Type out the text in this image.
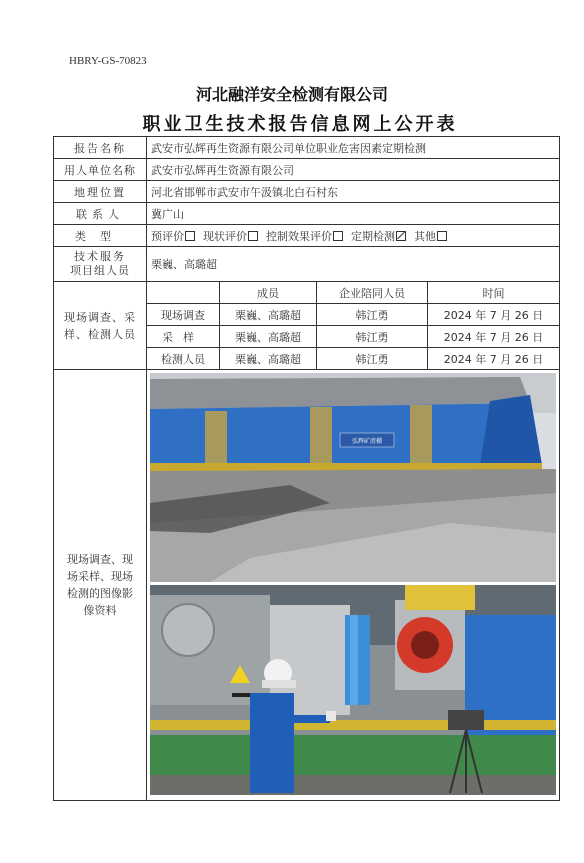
HBRY-GS-70823
河北融洋安全检测有限公司
职业卫生技术报告信息网上公开表
报告名称	武安市弘辉再生资源有限公司单位职业危害因素定期检测			
用人单位名称	武安市弘辉再生资源有限公司			
地理位置	河北省邯郸市武安市午汲镇北白石村东			
联系人	冀广山			
类型	预评价 现状评价 控制效果评价 定期检测 其他			

技术服务
项目组人员	栗巍、高璐超			

现场调查、采
样、检测人员		成员	企业陪同人员	时间
	现场调查	栗巍、高璐超	韩江勇	2024 年 7 月 26 日
	采样	栗巍、高璐超	韩江勇	2024 年 7 月 26 日
	检测人员	栗巍、高璐超	韩江勇	2024 年 7 月 26 日

现场调查、现
场采样、现场
检测的图像影
像资料	弘辉矿渣棚			
